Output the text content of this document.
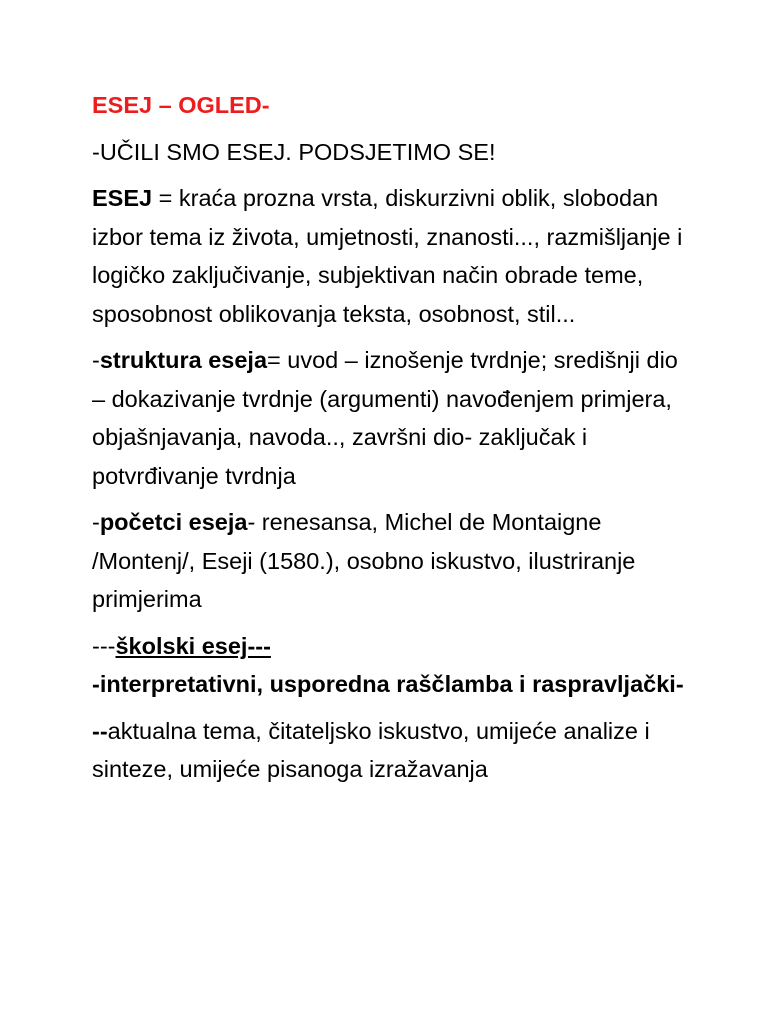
ESEJ – OGLED-

-UČILI SMO ESEJ. PODSJETIMO SE!

ESEJ = kraća prozna vrsta, diskurzivni oblik, slobodan izbor tema iz života, umjetnosti, znanosti..., razmišljanje i logičko zaključivanje, subjektivan način obrade teme, sposobnost oblikovanja teksta, osobnost, stil...

-struktura eseja= uvod – iznošenje tvrdnje; središnji dio – dokazivanje tvrdnje (argumenti) navođenjem primjera, objašnjavanja, navoda.., završni dio- zaključak i potvrđivanje tvrdnja

-početci eseja- renesansa, Michel de Montaigne /Montenj/, Eseji (1580.), osobno iskustvo, ilustriranje primjerima

---školski esej---

-interpretativni, usporedna raščlamba i raspravljački-

--aktualna tema, čitateljsko iskustvo, umijeće analize i sinteze, umijeće pisanoga izražavanja
